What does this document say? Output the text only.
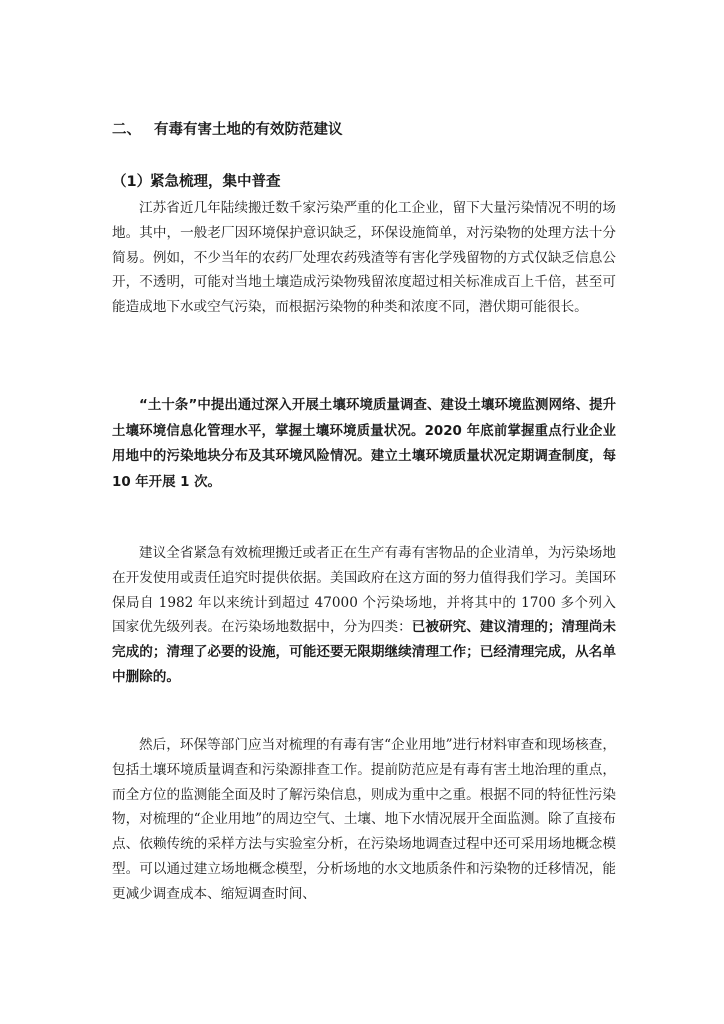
二、 有毒有害土地的有效防范建议
（1）紧急梳理，集中普查

江苏省近几年陆续搬迁数千家污染严重的化工企业，留下大量污染情况不明的场地。其中，一般老厂因环境保护意识缺乏，环保设施简单，对污染物的处理方法十分简易。例如，不少当年的农药厂处理农药残渣等有害化学残留物的方式仅缺乏信息公开，不透明，可能对当地土壤造成污染物残留浓度超过相关标准成百上千倍，甚至可能造成地下水或空气污染，而根据污染物的种类和浓度不同，潜伏期可能很长。

“土十条”中提出通过深入开展土壤环境质量调查、建设土壤环境监测网络、提升土壤环境信息化管理水平，掌握土壤环境质量状况。2020 年底前掌握重点行业企业用地中的污染地块分布及其环境风险情况。建立土壤环境质量状况定期调查制度，每 10 年开展 1 次。

建议全省紧急有效梳理搬迁或者正在生产有毒有害物品的企业清单，为污染场地在开发使用或责任追究时提供依据。美国政府在这方面的努力值得我们学习。美国环保局自 1982 年以来统计到超过 47000 个污染场地，并将其中的 1700 多个列入国家优先级列表。在污染场地数据中，分为四类：已被研究、建议清理的；清理尚未完成的；清理了必要的设施，可能还要无限期继续清理工作；已经清理完成，从名单中删除的。

然后，环保等部门应当对梳理的有毒有害“企业用地”进行材料审查和现场核查，包括土壤环境质量调查和污染源排查工作。提前防范应是有毒有害土地治理的重点，而全方位的监测能全面及时了解污染信息，则成为重中之重。根据不同的特征性污染物，对梳理的“企业用地”的周边空气、土壤、地下水情况展开全面监测。除了直接布点、依赖传统的采样方法与实验室分析，在污染场地调查过程中还可采用场地概念模型。可以通过建立场地概念模型，分析场地的水文地质条件和污染物的迁移情况，能更减少调查成本、缩短调查时间、
